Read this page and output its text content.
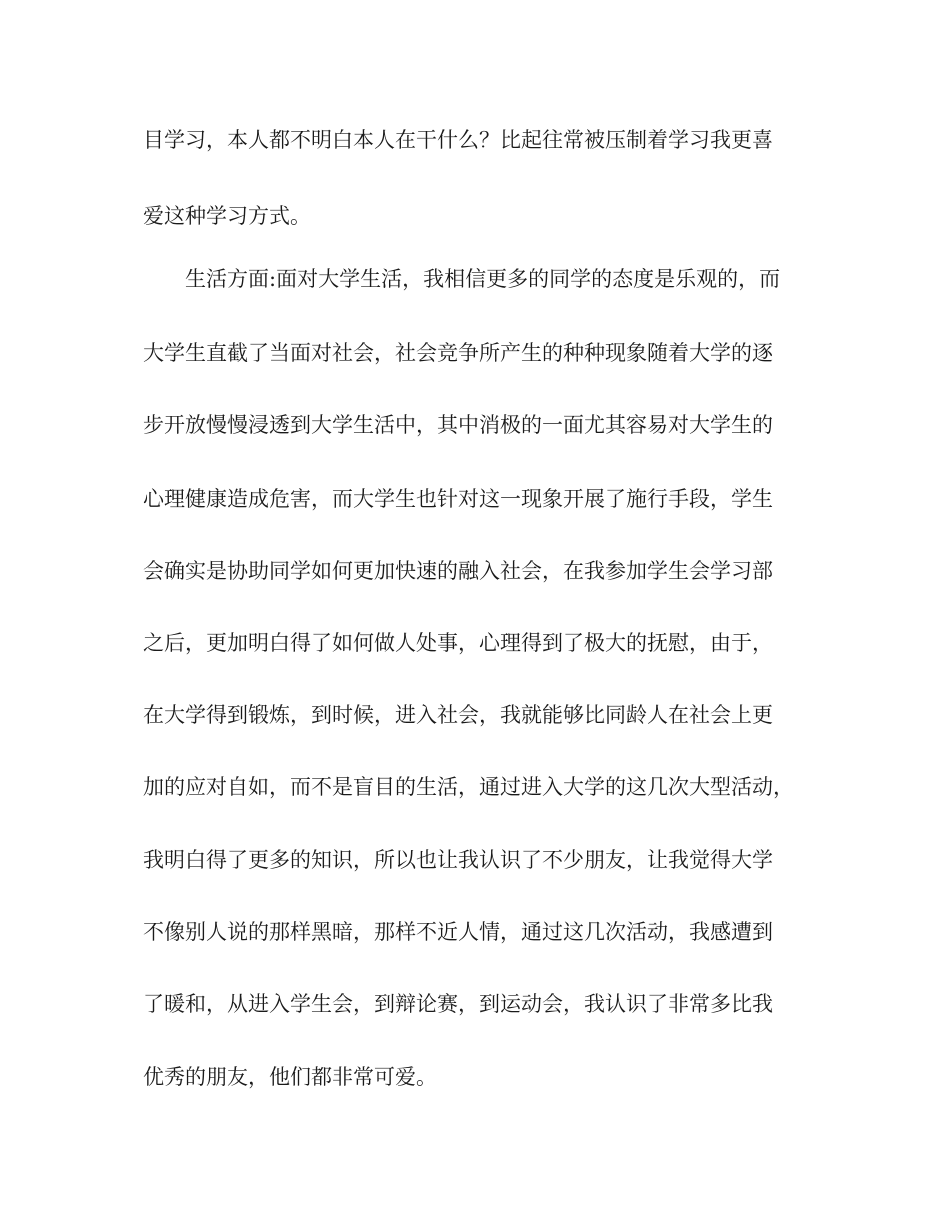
目学习，本人都不明白本人在干什么？比起往常被压制着学习我更喜

爱这种学习方式。

生活方面:面对大学生活，我相信更多的同学的态度是乐观的，而

大学生直截了当面对社会，社会竞争所产生的种种现象随着大学的逐

步开放慢慢浸透到大学生活中，其中消极的一面尤其容易对大学生的

心理健康造成危害，而大学生也针对这一现象开展了施行手段，学生

会确实是协助同学如何更加快速的融入社会，在我参加学生会学习部

之后，更加明白得了如何做人处事，心理得到了极大的抚慰，由于，

在大学得到锻炼，到时候，进入社会，我就能够比同龄人在社会上更

加的应对自如，而不是盲目的生活，通过进入大学的这几次大型活动，

我明白得了更多的知识，所以也让我认识了不少朋友，让我觉得大学

不像别人说的那样黑暗，那样不近人情，通过这几次活动，我感遭到

了暖和，从进入学生会，到辩论赛，到运动会，我认识了非常多比我

优秀的朋友，他们都非常可爱。
